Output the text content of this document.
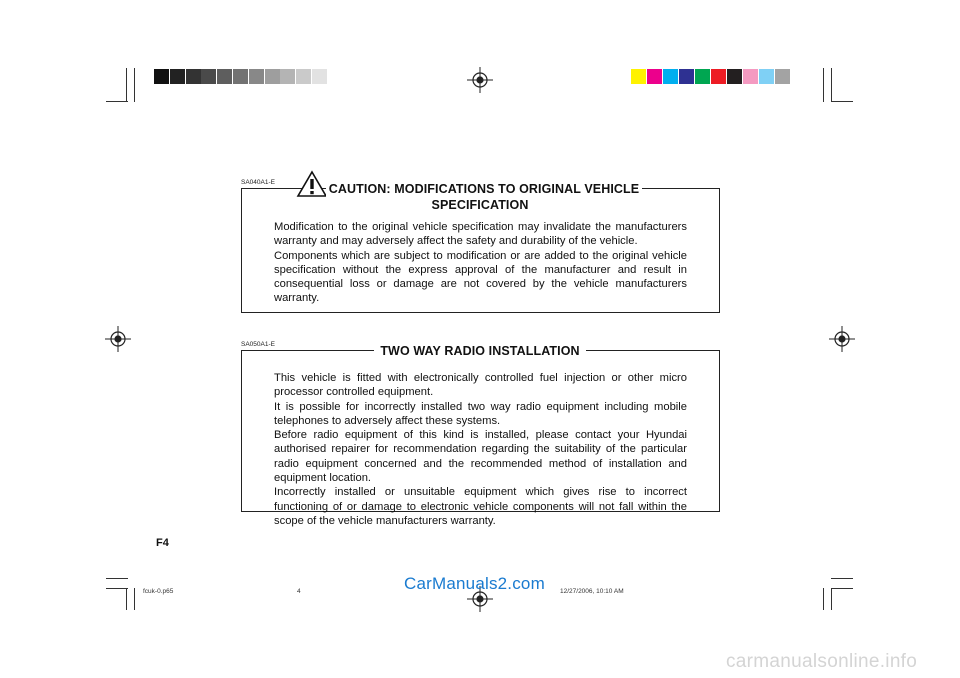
SA040A1-E	CAUTION: MODIFICATIONS TO ORIGINAL VEHICLE
SPECIFICATION

Modification to the original vehicle specification may invalidate the manufacturers warranty and may adversely affect the safety and durability of the vehicle.

Components which are subject to modification or are added to the original vehicle specification without the express approval of the manufacturer and result in consequential loss or damage are not covered by the vehicle manufacturers warranty.

SA050A1-E	TWO WAY RADIO INSTALLATION

This vehicle is fitted with electronically controlled fuel injection or other micro processor controlled equipment.

It is possible for incorrectly installed two way radio equipment including mobile telephones to adversely affect these systems.

Before radio equipment of this kind is installed, please contact your Hyundai authorised repairer for recommendation regarding the suitability of the particular radio equipment concerned and the recommended method of installation and equipment location.

Incorrectly installed or unsuitable equipment which gives rise to incorrect functioning of or damage to electronic vehicle components will not fall within the scope of the vehicle manufacturers warranty.

F4
fcuk-0.p65	4	12/27/2006, 10:10 AM
CarManuals2.com
carmanualsonline.info
